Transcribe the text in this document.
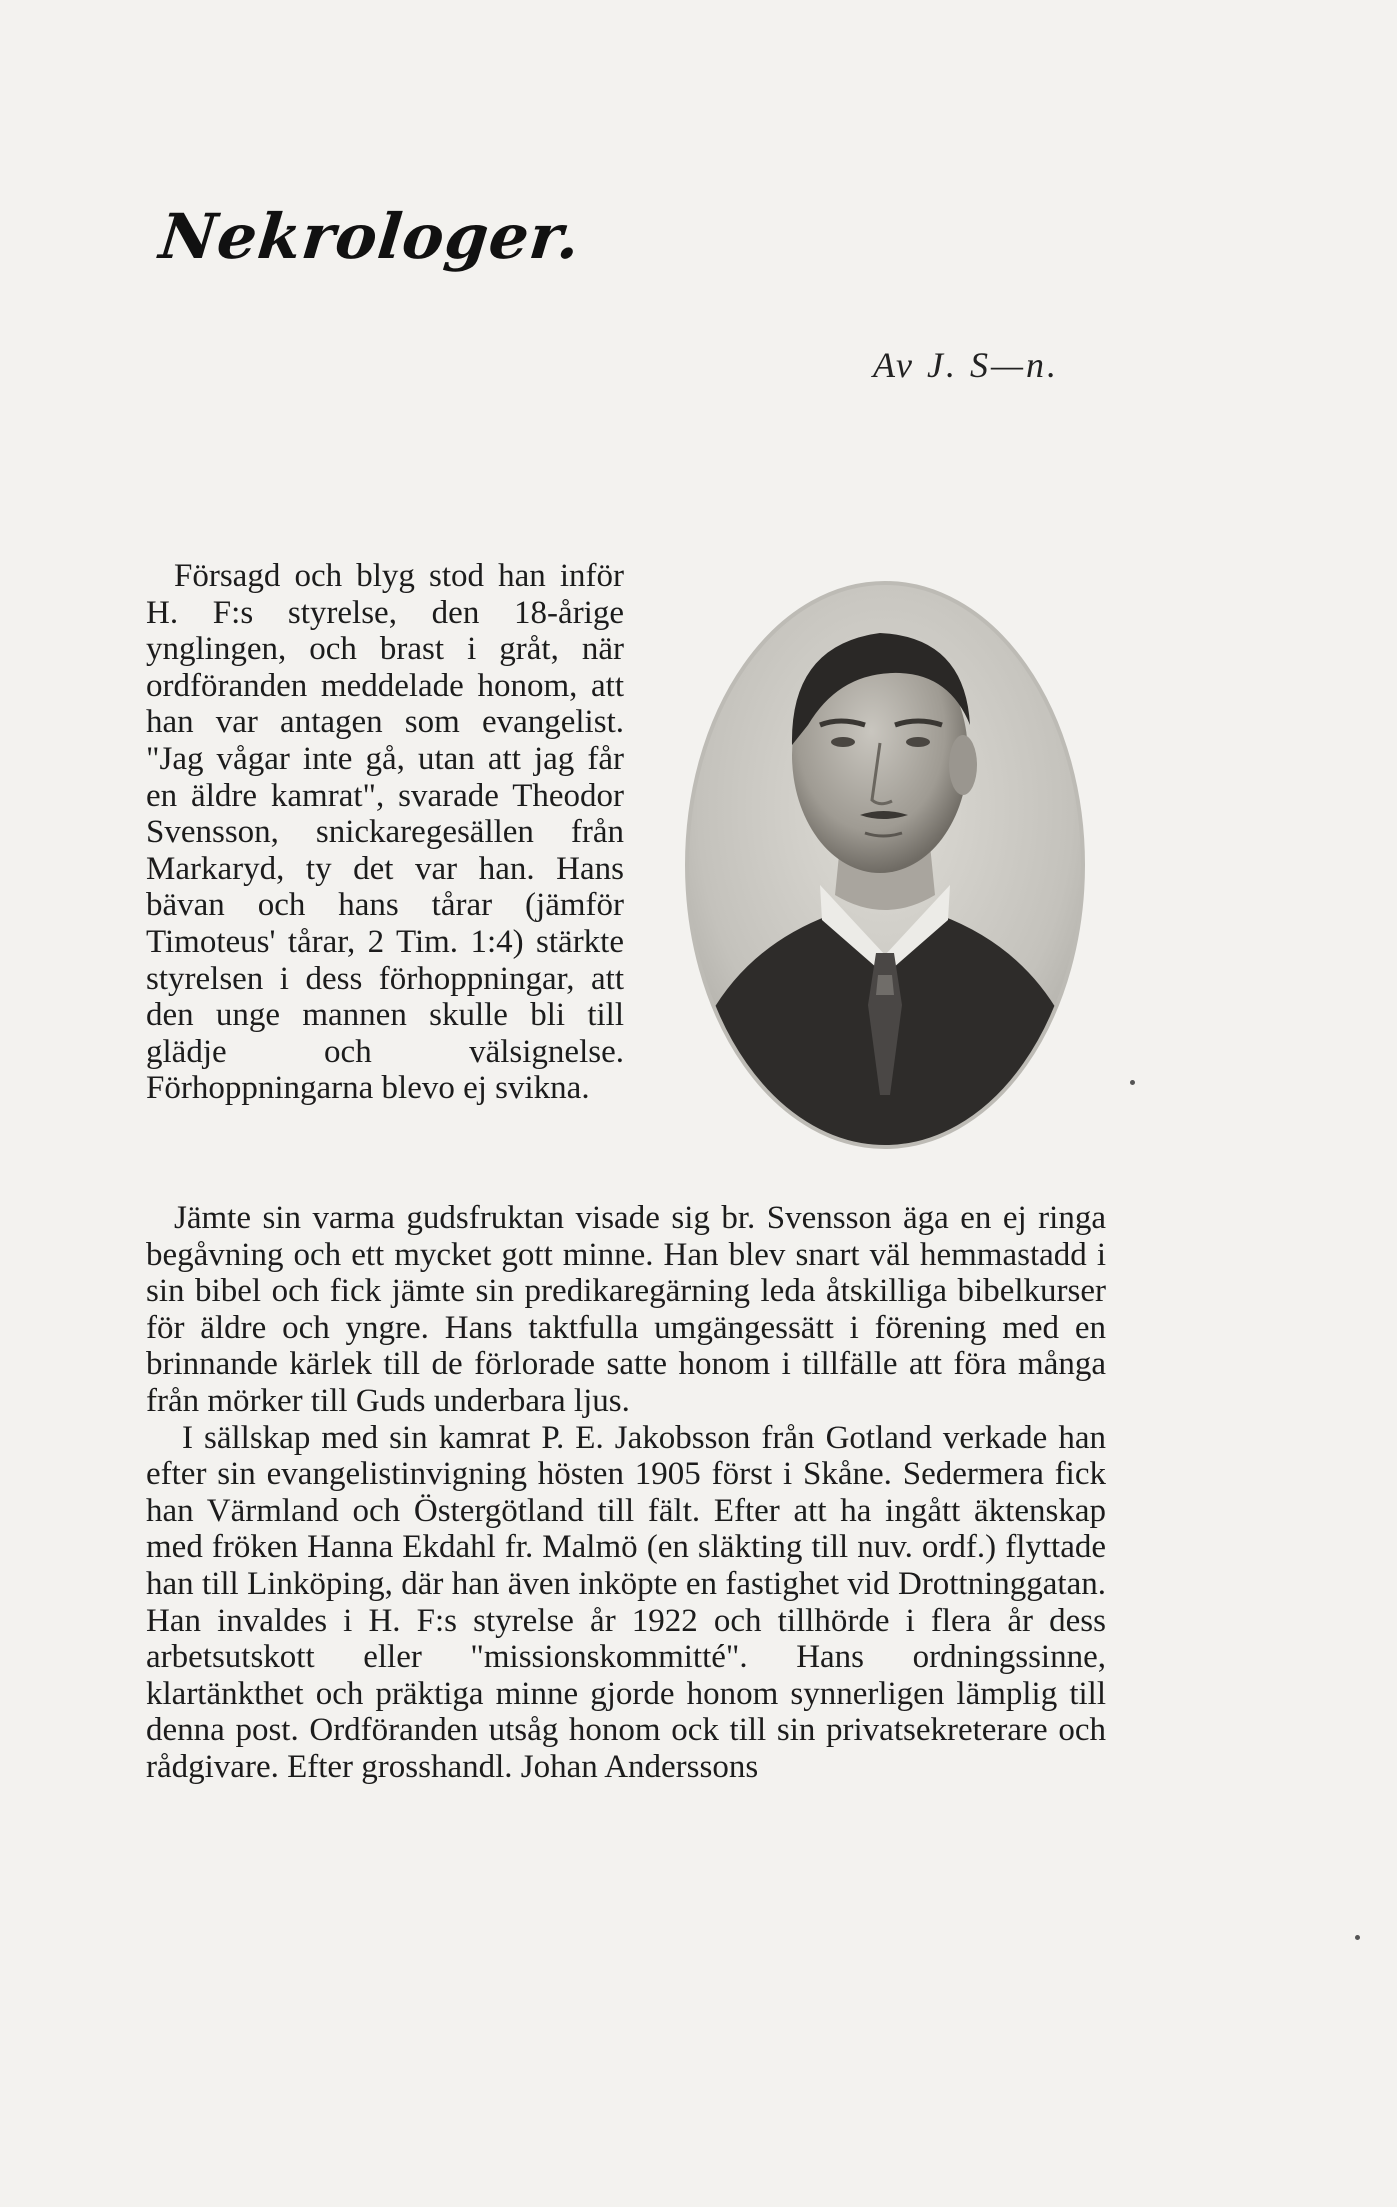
Nekrologer.
Av J. S—n.

Försagd och blyg stod han inför H. F:s styrelse, den 18-årige ynglingen, och brast i gråt, när ordföranden meddelade honom, att han var antagen som evangelist. "Jag vågar inte gå, utan att jag får en äldre kamrat", svarade Theodor Svensson, snickaregesällen från Markaryd, ty det var han. Hans bävan och hans tårar (jämför Timoteus' tårar, 2 Tim. 1:4) stärkte styrelsen i dess förhoppningar, att den unge mannen skulle bli till glädje och välsignelse. Förhoppningarna blevo ej svikna.

Jämte sin varma gudsfruktan visade sig br. Svensson äga en ej ringa begåvning och ett mycket gott minne. Han blev snart väl hemmastadd i sin bibel och fick jämte sin predikaregärning leda åtskilliga bibelkurser för äldre och yngre. Hans taktfulla umgängessätt i förening med en brinnande kärlek till de förlorade satte honom i tillfälle att föra många från mörker till Guds underbara ljus.

I sällskap med sin kamrat P. E. Jakobsson från Gotland verkade han efter sin evangelistinvigning hösten 1905 först i Skåne. Sedermera fick han Värmland och Östergötland till fält. Efter att ha ingått äktenskap med fröken Hanna Ekdahl fr. Malmö (en släkting till nuv. ordf.) flyttade han till Linköping, där han även inköpte en fastighet vid Drottninggatan. Han invaldes i H. F:s styrelse år 1922 och tillhörde i flera år dess arbetsutskott eller "missionskommitté". Hans ordningssinne, klartänkthet och präktiga minne gjorde honom synnerligen lämplig till denna post. Ordföranden utsåg honom ock till sin privatsekreterare och rådgivare. Efter grosshandl. Johan Anderssons
